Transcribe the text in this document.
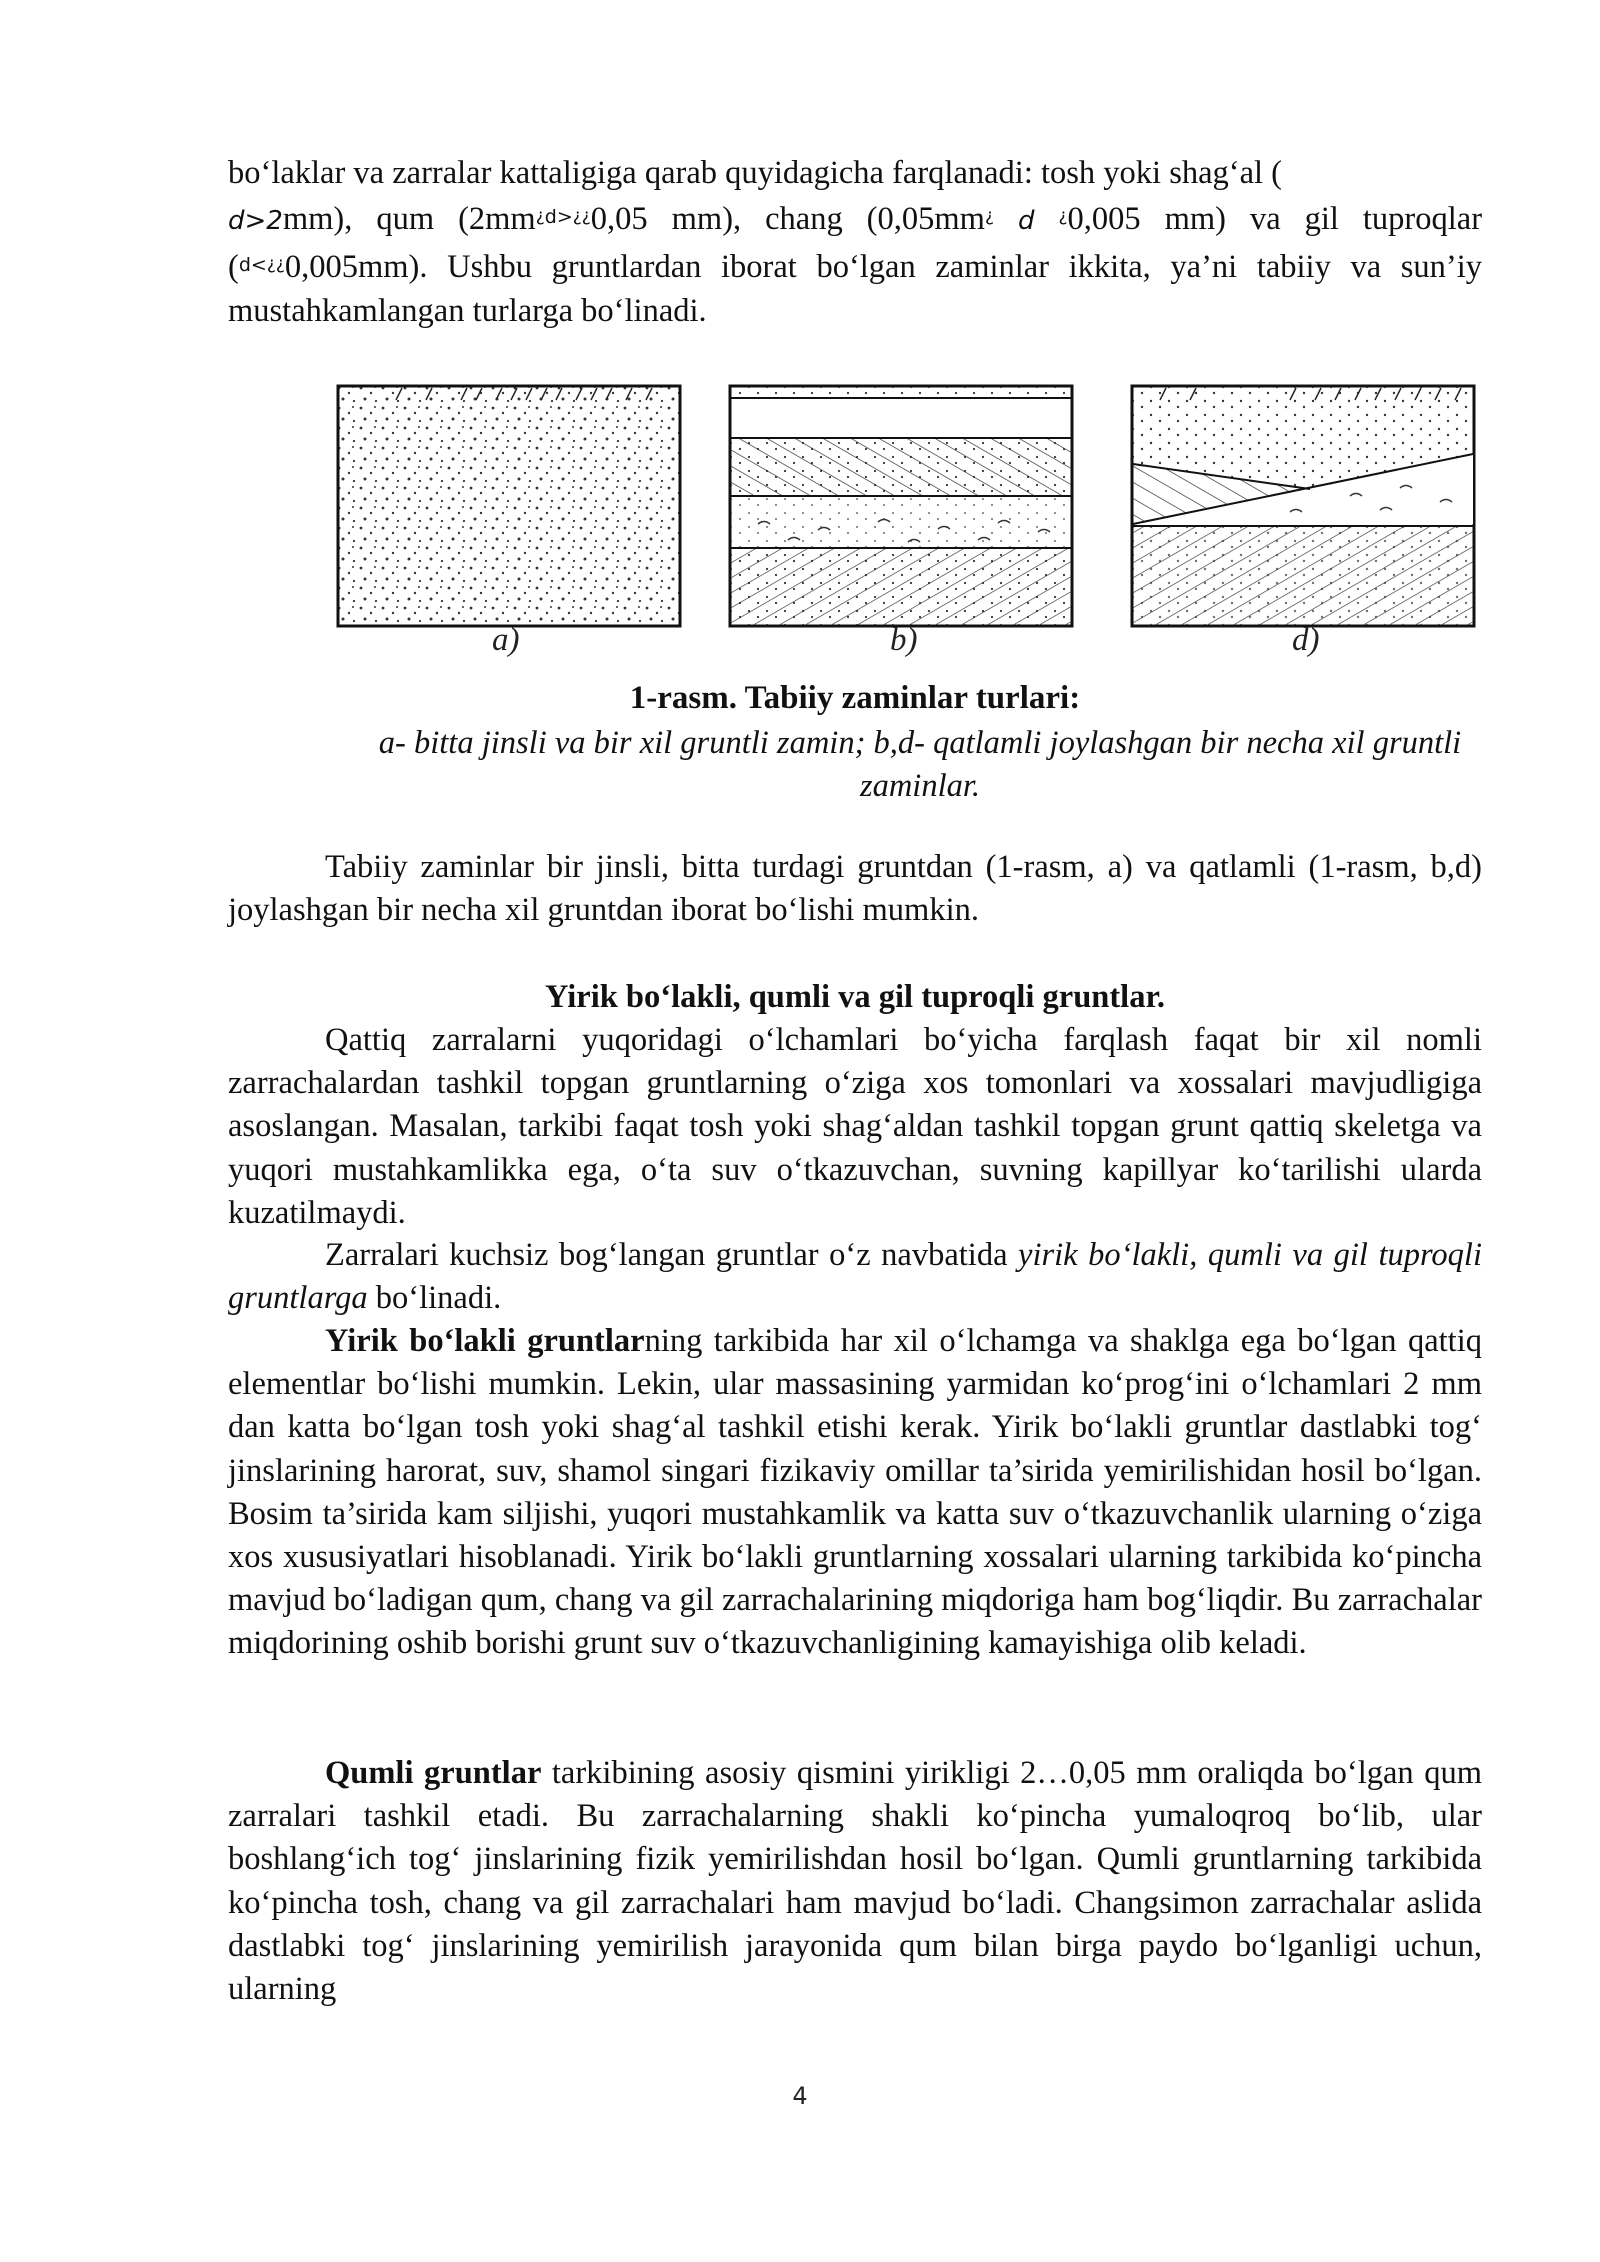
bo‘laklar va zarralar kattaligiga qarab quyidagicha farqlanadi: tosh yoki shag‘al (
d>2mm), qum ($2mm^{¿d>¿¿}0,05$ mm), chang (0,05mm¿ d ¿0,005 mm) va gil tuproqlar ($^{d<¿¿}$0,005mm). Ushbu gruntlardan iborat bo‘lgan zaminlar ikkita, ya’ni tabiiy va sun’iy mustahkamlangan turlarga bo‘linadi.

a)	b)	d)
1-rasm. Tabiiy zaminlar turlari:
a- bitta jinsli va bir xil gruntli zamin; b,d- qatlamli joylashgan bir necha xil gruntli zaminlar.

Tabiiy zaminlar bir jinsli, bitta turdagi gruntdan (1-rasm, a) va qatlamli (1-rasm, b,d) joylashgan bir necha xil gruntdan iborat bo‘lishi mumkin.

Yirik bo‘lakli, qumli va gil tuproqli gruntlar.

Qattiq zarralarni yuqoridagi o‘lchamlari bo‘yicha farqlash faqat bir xil nomli zarrachalardan tashkil topgan gruntlarning o‘ziga xos tomonlari va xossalari mavjudligiga asoslangan. Masalan, tarkibi faqat tosh yoki shag‘aldan tashkil topgan grunt qattiq skeletga va yuqori mustahkamlikka ega, o‘ta suv o‘tkazuvchan, suvning kapillyar ko‘tarilishi ularda kuzatilmaydi.

Zarralari kuchsiz bog‘langan gruntlar o‘z navbatida yirik bo‘lakli, qumli va gil tuproqli gruntlarga bo‘linadi.

Yirik bo‘lakli gruntlarning tarkibida har xil o‘lchamga va shaklga ega bo‘lgan qattiq elementlar bo‘lishi mumkin. Lekin, ular massasining yarmidan ko‘prog‘ini o‘lchamlari 2 mm dan katta bo‘lgan tosh yoki shag‘al tashkil etishi kerak. Yirik bo‘lakli gruntlar dastlabki tog‘ jinslarining harorat, suv, shamol singari fizikaviy omillar ta’sirida yemirilishidan hosil bo‘lgan. Bosim ta’sirida kam siljishi, yuqori mustahkamlik va katta suv o‘tkazuvchanlik ularning o‘ziga xos xususiyatlari hisoblanadi. Yirik bo‘lakli gruntlarning xossalari ularning tarkibida ko‘pincha mavjud bo‘ladigan qum, chang va gil zarrachalarining miqdoriga ham bog‘liqdir. Bu zarrachalar miqdorining oshib borishi grunt suv o‘tkazuvchanligining kamayishiga olib keladi.

Qumli gruntlar tarkibining asosiy qismini yirikligi 2…0,05 mm oraliqda bo‘lgan qum zarralari tashkil etadi. Bu zarrachalarning shakli ko‘pincha yumaloqroq bo‘lib, ular boshlang‘ich tog‘ jinslarining fizik yemirilishdan hosil bo‘lgan. Qumli gruntlarning tarkibida ko‘pincha tosh, chang va gil zarrachalari ham mavjud bo‘ladi. Changsimon zarrachalar aslida dastlabki tog‘ jinslarining yemirilish jarayonida qum bilan birga paydo bo‘lganligi uchun, ularning

4
